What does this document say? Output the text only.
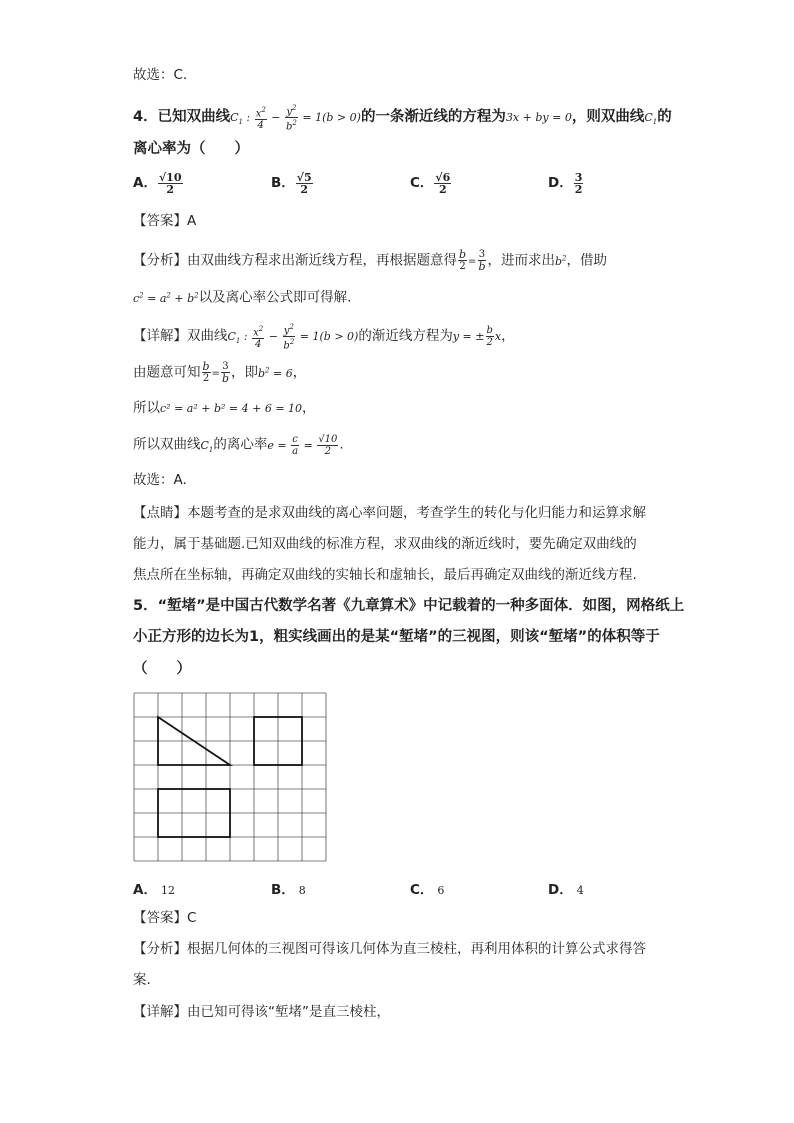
故选：C.
4．已知双曲线$C_1$ : $\frac{x^2}{4} - \frac{y^2}{b^2} = 1(b > 0)$的一条渐近线的方程为3x + by = 0，则双曲线$C_1$的
离心率为（　　）
A． $\frac{√10}{2}$	B． $\frac{√5}{2}$	C． $\frac{√6}{2}$	D． $\frac{3}{2}$
【答案】A
【分析】由双曲线方程求出渐近线方程，再根据题意得 $\frac{b}{2} = \frac{3}{b}$ ，进而求出$b^2$，借助
$c^2 = a^2 + b^2$以及离心率公式即可得解.
【详解】双曲线$C_1$ : $\frac{x^2}{4} - \frac{y^2}{b^2} = 1(b > 0)$的渐近线方程为y = ± $\frac{b}{2}$ x，
由题意可知 $\frac{b}{2} = \frac{3}{b}$ ，即$b^2 = 6$，
所以c² = a² + b² = 4 + 6 = 10，
所以双曲线$C_1$的离心率$e = \frac{c}{a} = \frac{√10}{2}$ .
故选：A.
【点睛】本题考查的是求双曲线的离心率问题，考查学生的转化与化归能力和运算求解
能力，属于基础题.已知双曲线的标准方程，求双曲线的渐近线时，要先确定双曲线的
焦点所在坐标轴，再确定双曲线的实轴长和虚轴长，最后再确定双曲线的渐近线方程.
5．“堑堵”是中国古代数学名著《九章算术》中记载着的一种多面体．如图，网格纸上
小正方形的边长为1，粗实线画出的是某“堑堵”的三视图，则该“堑堵”的体积等于
（　　）
A． 12	B． 8	C． 6	D． 4
【答案】C
【分析】根据几何体的三视图可得该几何体为直三棱柱，再利用体积的计算公式求得答
案.
【详解】由已知可得该“堑堵”是直三棱柱，
